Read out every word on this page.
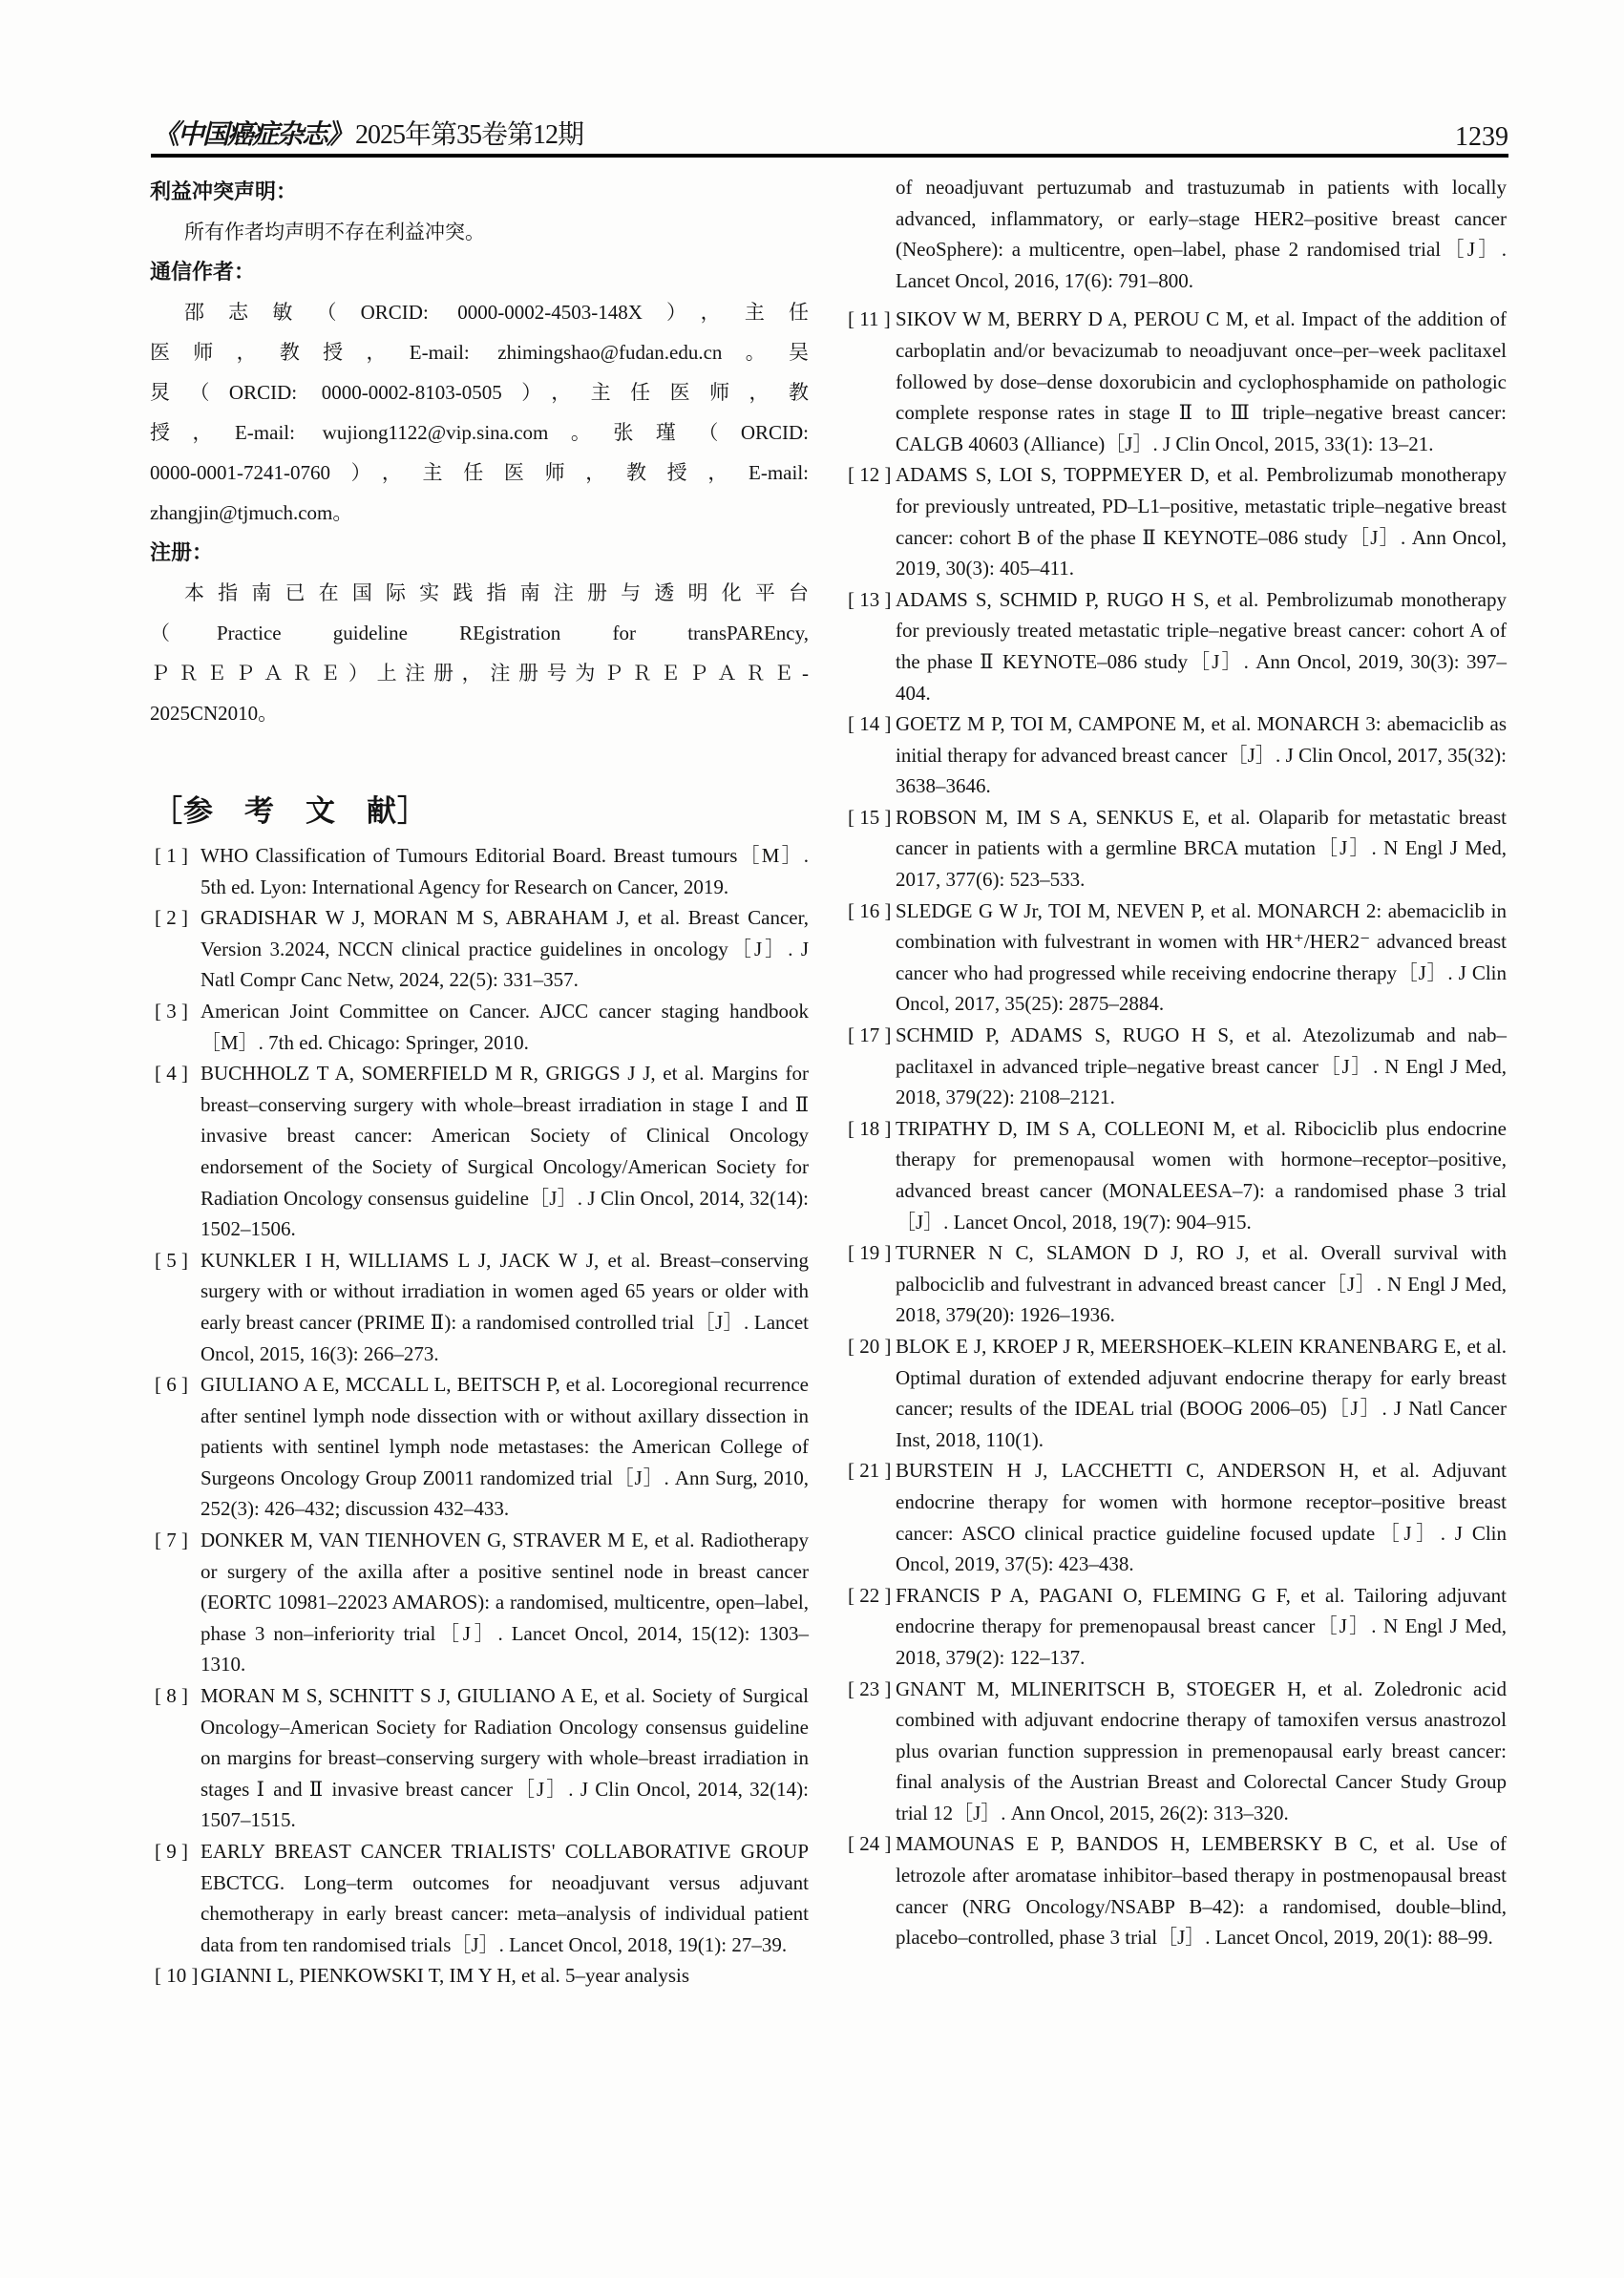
《中国癌症杂志》 2025年第35卷第12期	1239
利益冲突声明：
所有作者均声明不存在利益冲突。
通信作者：
邵志敏（ORCID: 0000-0002-4503-148X），主任
医师，教授，E-mail: zhimingshao@fudan.edu.cn。吴
炅（ORCID: 0000-0002-8103-0505），主任医师，教
授，E-mail: wujiong1122@vip.sina.com。张瑾（ORCID:
0000-0001-7241-0760），主任医师，教授，E-mail:
zhangjin@tjmuch.com。
注册：
本指南已在国际实践指南注册与透明化平台
（Practice guideline REgistration for transPAREncy,
ＰＲＥＰＡＲＥ）上注册，注册号为ＰＲＥＰＡＲＥ-
2025CN2010。
［参　考　文　献］
[ 1 ] WHO Classification of Tumours Editorial Board. Breast tumours［M］. 5th ed. Lyon: International Agency for Research on Cancer, 2019.
[ 2 ] GRADISHAR W J, MORAN M S, ABRAHAM J, et al. Breast Cancer, Version 3.2024, NCCN clinical practice guidelines in oncology［J］. J Natl Compr Canc Netw, 2024, 22(5): 331–357.
[ 3 ] American Joint Committee on Cancer. AJCC cancer staging handbook［M］. 7th ed. Chicago: Springer, 2010.
[ 4 ] BUCHHOLZ T A, SOMERFIELD M R, GRIGGS J J, et al. Margins for breast–conserving surgery with whole–breast irradiation in stage Ⅰ and Ⅱ invasive breast cancer: American Society of Clinical Oncology endorsement of the Society of Surgical Oncology/American Society for Radiation Oncology consensus guideline［J］. J Clin Oncol, 2014, 32(14): 1502–1506.
[ 5 ] KUNKLER I H, WILLIAMS L J, JACK W J, et al. Breast–conserving surgery with or without irradiation in women aged 65 years or older with early breast cancer (PRIME Ⅱ): a randomised controlled trial［J］. Lancet Oncol, 2015, 16(3): 266–273.
[ 6 ] GIULIANO A E, MCCALL L, BEITSCH P, et al. Locoregional recurrence after sentinel lymph node dissection with or without axillary dissection in patients with sentinel lymph node metastases: the American College of Surgeons Oncology Group Z0011 randomized trial［J］. Ann Surg, 2010, 252(3): 426–432; discussion 432–433.
[ 7 ] DONKER M, VAN TIENHOVEN G, STRAVER M E, et al. Radiotherapy or surgery of the axilla after a positive sentinel node in breast cancer (EORTC 10981–22023 AMAROS): a randomised, multicentre, open–label, phase 3 non–inferiority trial［J］. Lancet Oncol, 2014, 15(12): 1303–1310.
[ 8 ] MORAN M S, SCHNITT S J, GIULIANO A E, et al. Society of Surgical Oncology–American Society for Radiation Oncology consensus guideline on margins for breast–conserving surgery with whole–breast irradiation in stages Ⅰ and Ⅱ invasive breast cancer［J］. J Clin Oncol, 2014, 32(14): 1507–1515.
[ 9 ] EARLY BREAST CANCER TRIALISTS' COLLABORATIVE GROUP EBCTCG. Long–term outcomes for neoadjuvant versus adjuvant chemotherapy in early breast cancer: meta–analysis of individual patient data from ten randomised trials［J］. Lancet Oncol, 2018, 19(1): 27–39.
[ 10 ] GIANNI L, PIENKOWSKI T, IM Y H, et al. 5–year analysis
of neoadjuvant pertuzumab and trastuzumab in patients with locally advanced, inflammatory, or early–stage HER2–positive breast cancer (NeoSphere): a multicentre, open–label, phase 2 randomised trial［J］. Lancet Oncol, 2016, 17(6): 791–800.
[ 11 ] SIKOV W M, BERRY D A, PEROU C M, et al. Impact of the addition of carboplatin and/or bevacizumab to neoadjuvant once–per–week paclitaxel followed by dose–dense doxorubicin and cyclophosphamide on pathologic complete response rates in stage Ⅱ to Ⅲ triple–negative breast cancer: CALGB 40603 (Alliance)［J］. J Clin Oncol, 2015, 33(1): 13–21.
[ 12 ] ADAMS S, LOI S, TOPPMEYER D, et al. Pembrolizumab monotherapy for previously untreated, PD–L1–positive, metastatic triple–negative breast cancer: cohort B of the phase Ⅱ KEYNOTE–086 study［J］. Ann Oncol, 2019, 30(3): 405–411.
[ 13 ] ADAMS S, SCHMID P, RUGO H S, et al. Pembrolizumab monotherapy for previously treated metastatic triple–negative breast cancer: cohort A of the phase Ⅱ KEYNOTE–086 study［J］. Ann Oncol, 2019, 30(3): 397–404.
[ 14 ] GOETZ M P, TOI M, CAMPONE M, et al. MONARCH 3: abemaciclib as initial therapy for advanced breast cancer［J］. J Clin Oncol, 2017, 35(32): 3638–3646.
[ 15 ] ROBSON M, IM S A, SENKUS E, et al. Olaparib for metastatic breast cancer in patients with a germline BRCA mutation［J］. N Engl J Med, 2017, 377(6): 523–533.
[ 16 ] SLEDGE G W Jr, TOI M, NEVEN P, et al. MONARCH 2: abemaciclib in combination with fulvestrant in women with HR⁺/HER2⁻ advanced breast cancer who had progressed while receiving endocrine therapy［J］. J Clin Oncol, 2017, 35(25): 2875–2884.
[ 17 ] SCHMID P, ADAMS S, RUGO H S, et al. Atezolizumab and nab–paclitaxel in advanced triple–negative breast cancer［J］. N Engl J Med, 2018, 379(22): 2108–2121.
[ 18 ] TRIPATHY D, IM S A, COLLEONI M, et al. Ribociclib plus endocrine therapy for premenopausal women with hormone–receptor–positive, advanced breast cancer (MONALEESA–7): a randomised phase 3 trial［J］. Lancet Oncol, 2018, 19(7): 904–915.
[ 19 ] TURNER N C, SLAMON D J, RO J, et al. Overall survival with palbociclib and fulvestrant in advanced breast cancer［J］. N Engl J Med, 2018, 379(20): 1926–1936.
[ 20 ] BLOK E J, KROEP J R, MEERSHOEK–KLEIN KRANENBARG E, et al. Optimal duration of extended adjuvant endocrine therapy for early breast cancer; results of the IDEAL trial (BOOG 2006–05)［J］. J Natl Cancer Inst, 2018, 110(1).
[ 21 ] BURSTEIN H J, LACCHETTI C, ANDERSON H, et al. Adjuvant endocrine therapy for women with hormone receptor–positive breast cancer: ASCO clinical practice guideline focused update［J］. J Clin Oncol, 2019, 37(5): 423–438.
[ 22 ] FRANCIS P A, PAGANI O, FLEMING G F, et al. Tailoring adjuvant endocrine therapy for premenopausal breast cancer［J］. N Engl J Med, 2018, 379(2): 122–137.
[ 23 ] GNANT M, MLINERITSCH B, STOEGER H, et al. Zoledronic acid combined with adjuvant endocrine therapy of tamoxifen versus anastrozol plus ovarian function suppression in premenopausal early breast cancer: final analysis of the Austrian Breast and Colorectal Cancer Study Group trial 12［J］. Ann Oncol, 2015, 26(2): 313–320.
[ 24 ] MAMOUNAS E P, BANDOS H, LEMBERSKY B C, et al. Use of letrozole after aromatase inhibitor–based therapy in postmenopausal breast cancer (NRG Oncology/NSABP B–42): a randomised, double–blind, placebo–controlled, phase 3 trial［J］. Lancet Oncol, 2019, 20(1): 88–99.
